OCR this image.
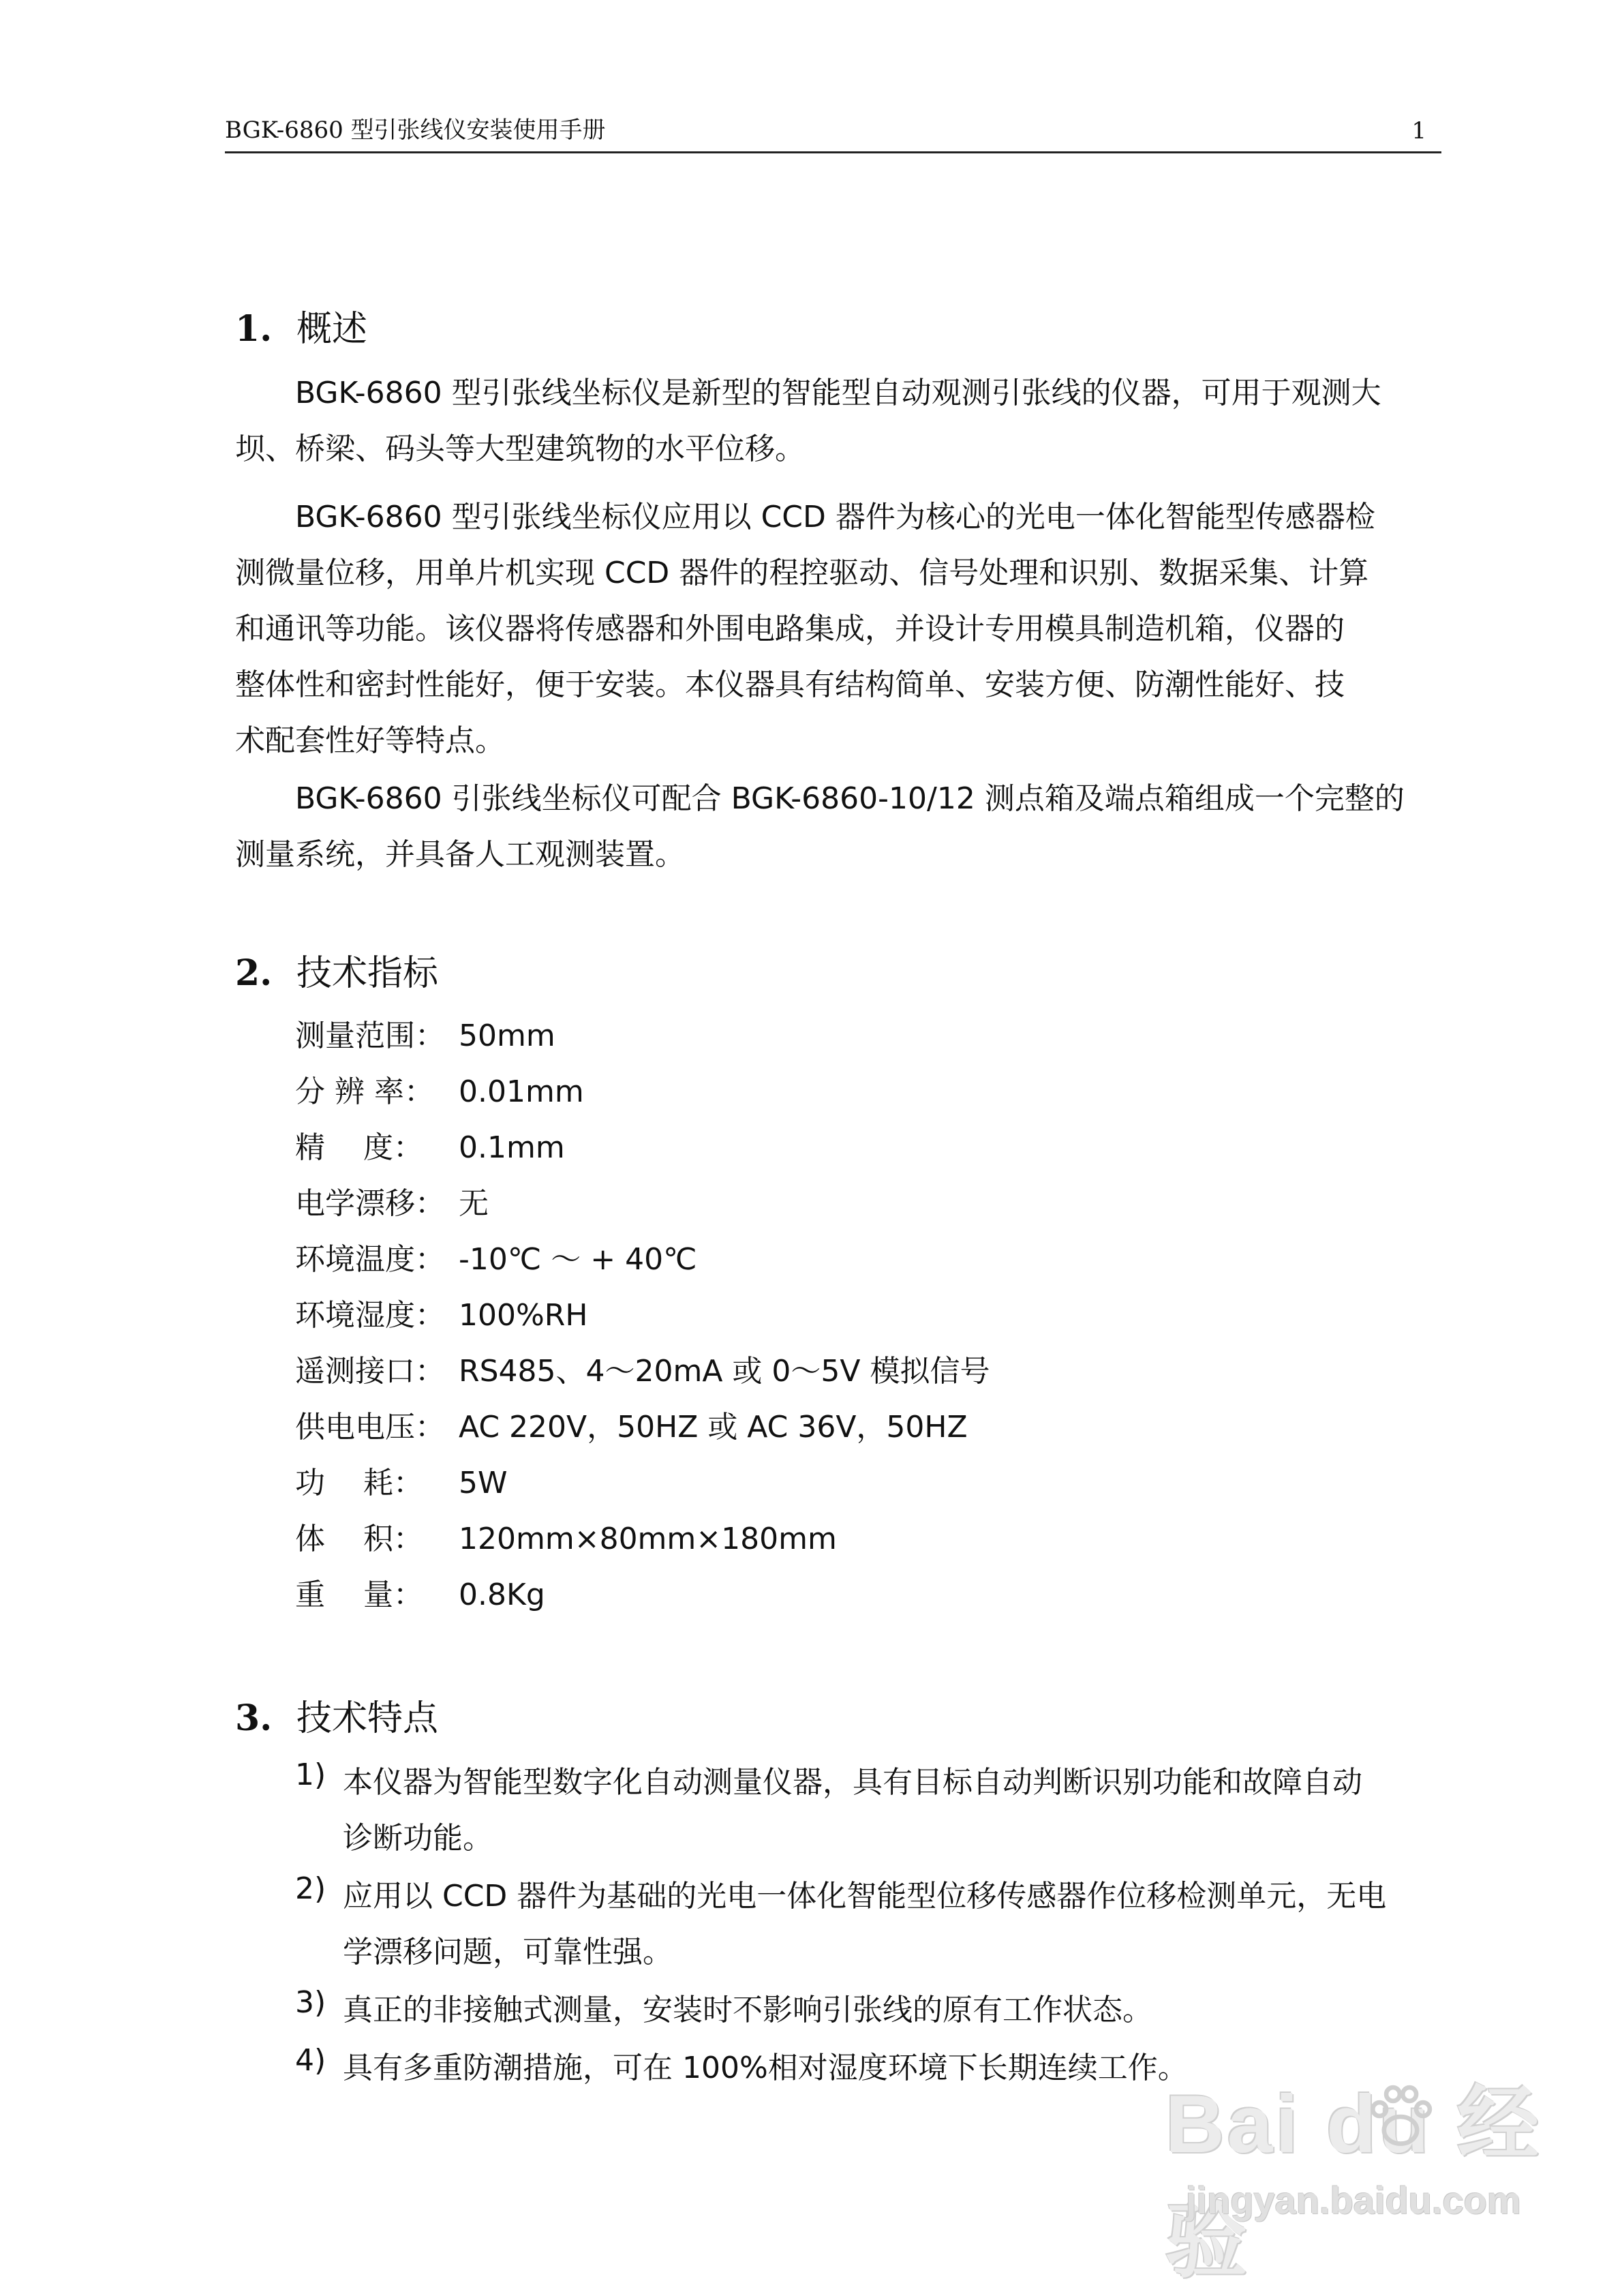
BGK-6860 型引张线仪安装使用手册	1
1. 概述
BGK-6860 型引张线坐标仪是新型的智能型自动观测引张线的仪器，可用于观测大
坝、桥梁、码头等大型建筑物的水平位移。
BGK-6860 型引张线坐标仪应用以 CCD 器件为核心的光电一体化智能型传感器检
测微量位移，用单片机实现 CCD 器件的程控驱动、信号处理和识别、数据采集、计算
和通讯等功能。该仪器将传感器和外围电路集成，并设计专用模具制造机箱，仪器的
整体性和密封性能好，便于安装。本仪器具有结构简单、安装方便、防潮性能好、技
术配套性好等特点。
BGK-6860 引张线坐标仪可配合 BGK-6860-10/12 测点箱及端点箱组成一个完整的
测量系统，并具备人工观测装置。
2. 技术指标
测量范围： 50mm
分 辨 率： 0.01mm
精    度： 0.1mm
电学漂移： 无
环境温度： -10℃ ～ + 40℃
环境湿度： 100%RH
遥测接口： RS485、4～20mA 或 0～5V 模拟信号
供电电压： AC 220V，50HZ 或 AC 36V，50HZ
功    耗： 5W
体    积： 120mm×80mm×180mm
重    量： 0.8Kg
3. 技术特点
1) 本仪器为智能型数字化自动测量仪器，具有目标自动判断识别功能和故障自动
诊断功能。
2) 应用以 CCD 器件为基础的光电一体化智能型位移传感器作位移检测单元，无电
学漂移问题，可靠性强。
3) 真正的非接触式测量，安装时不影响引张线的原有工作状态。
4) 具有多重防潮措施，可在 100%相对湿度环境下长期连续工作。
Bai du 经验
jingyan.baidu.com
